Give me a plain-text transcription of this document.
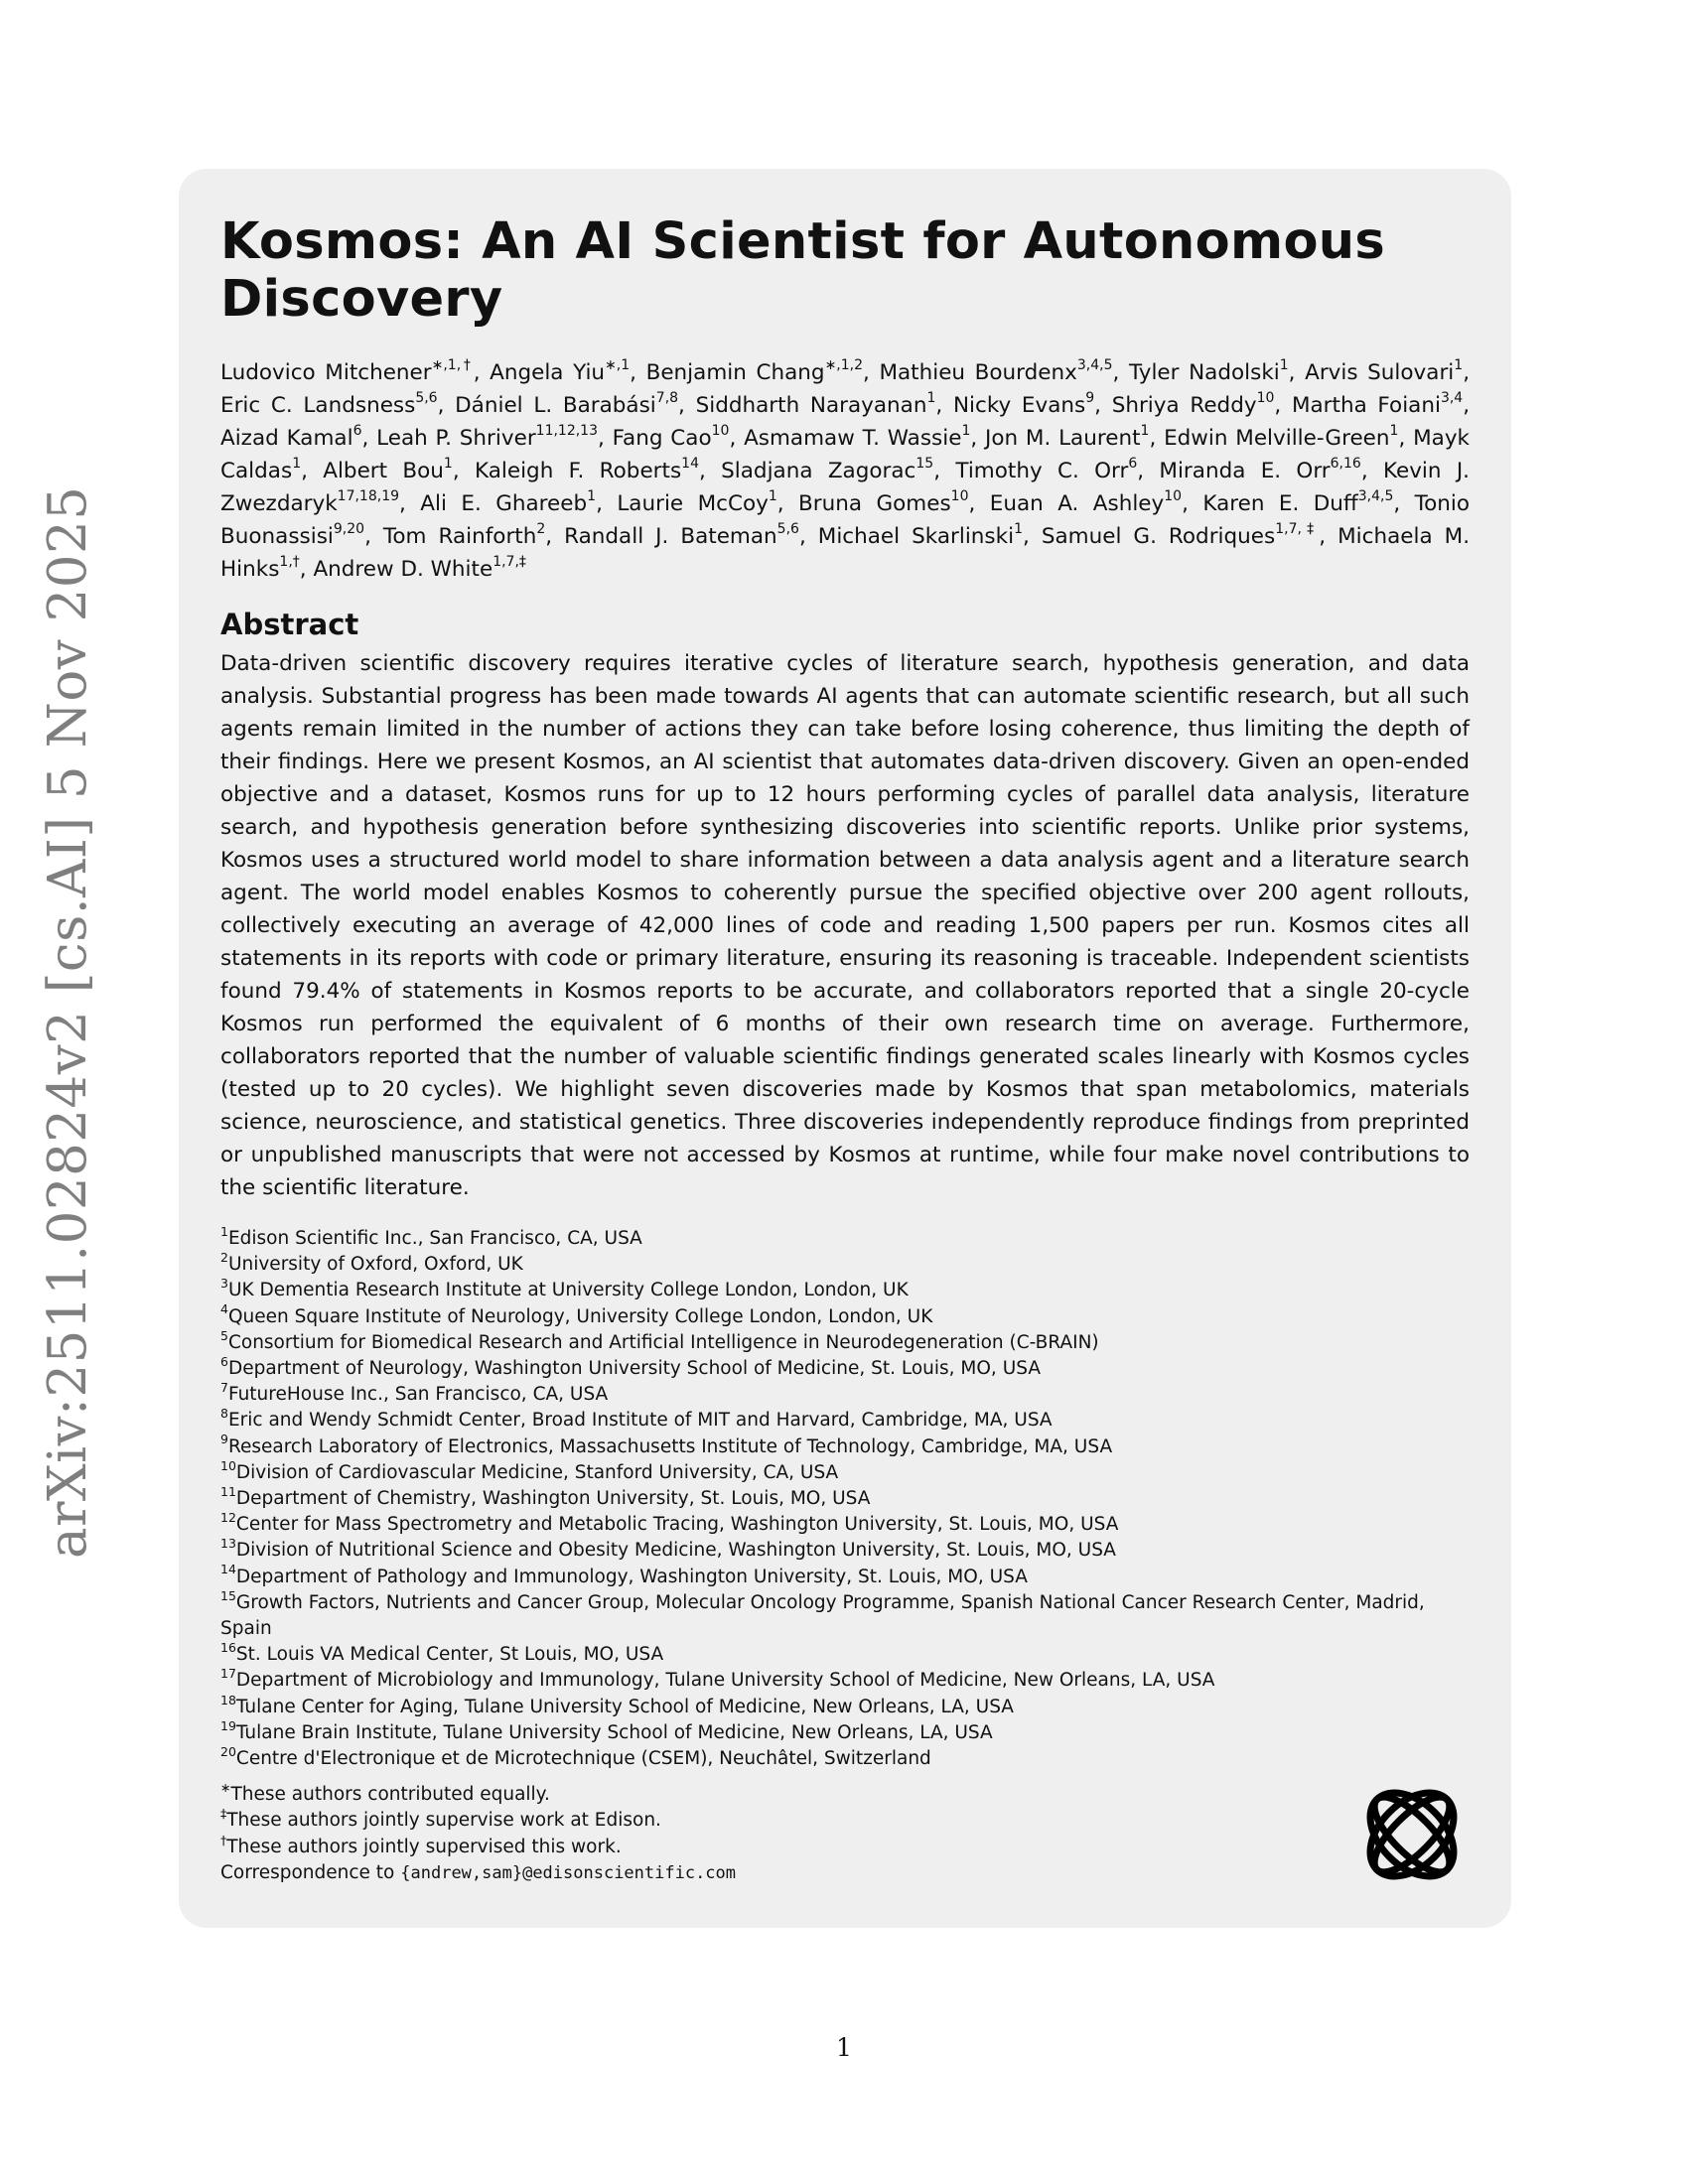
arXiv:2511.02824v2 [cs.AI] 5 Nov 2025
Kosmos: An AI Scientist for Autonomous Discovery

Ludovico Mitchener$^{∗,1,\dagger}$, Angela Yiu$^{∗,1}$, Benjamin Chang$^{∗,1,2}$, Mathieu Bourdenx$^{3,4,5}$, Tyler Nadolski$^1$, Arvis Sulovari$^1$, Eric C. Landsness$^{5,6}$, Dániel L. Barabási$^{7,8}$, Siddharth Narayanan$^1$, Nicky Evans$^9$, Shriya Reddy$^{10}$, Martha Foiani$^{3,4}$, Aizad Kamal$^6$, Leah P. Shriver$^{11,12,13}$, Fang Cao$^{10}$, Asmamaw T. Wassie$^1$, Jon M. Laurent$^1$, Edwin Melville-Green$^1$, Mayk Caldas$^1$, Albert Bou$^1$, Kaleigh F. Roberts$^{14}$, Sladjana Zagorac$^{15}$, Timothy C. Orr$^6$, Miranda E. Orr$^{6,16}$, Kevin J. Zwezdaryk$^{17,18,19}$, Ali E. Ghareeb$^1$, Laurie McCoy$^1$, Bruna Gomes$^{10}$, Euan A. Ashley$^{10}$, Karen E. Duff$^{3,4,5}$, Tonio Buonassisi$^{9,20}$, Tom Rainforth$^2$, Randall J. Bateman$^{5,6}$, Michael Skarlinski$^1$, Samuel G. Rodriques$^{1,7,\ddagger}$, Michaela M. Hinks$^{1,\dagger}$, Andrew D. White$^{1,7,\ddagger}$

Abstract

Data-driven scientific discovery requires iterative cycles of literature search, hypothesis generation, and data analysis. Substantial progress has been made towards AI agents that can automate scientific research, but all such agents remain limited in the number of actions they can take before losing coherence, thus limiting the depth of their findings. Here we present Kosmos, an AI scientist that automates data-driven discovery. Given an open-ended objective and a dataset, Kosmos runs for up to 12 hours performing cycles of parallel data analysis, literature search, and hypothesis generation before synthesizing discoveries into scientific reports. Unlike prior systems, Kosmos uses a structured world model to share information between a data analysis agent and a literature search agent. The world model enables Kosmos to coherently pursue the specified objective over 200 agent rollouts, collectively executing an average of 42,000 lines of code and reading 1,500 papers per run. Kosmos cites all statements in its reports with code or primary literature, ensuring its reasoning is traceable. Independent scientists found 79.4% of statements in Kosmos reports to be accurate, and collaborators reported that a single 20-cycle Kosmos run performed the equivalent of 6 months of their own research time on average. Furthermore, collaborators reported that the number of valuable scientific findings generated scales linearly with Kosmos cycles (tested up to 20 cycles). We highlight seven discoveries made by Kosmos that span metabolomics, materials science, neuroscience, and statistical genetics. Three discoveries independently reproduce findings from preprinted or unpublished manuscripts that were not accessed by Kosmos at runtime, while four make novel contributions to the scientific literature.

$^1$Edison Scientific Inc., San Francisco, CA, USA
$^2$University of Oxford, Oxford, UK
$^3$UK Dementia Research Institute at University College London, London, UK
$^4$Queen Square Institute of Neurology, University College London, London, UK
$^5$Consortium for Biomedical Research and Artificial Intelligence in Neurodegeneration (C-BRAIN)
$^6$Department of Neurology, Washington University School of Medicine, St. Louis, MO, USA
$^7$FutureHouse Inc., San Francisco, CA, USA
$^8$Eric and Wendy Schmidt Center, Broad Institute of MIT and Harvard, Cambridge, MA, USA
$^9$Research Laboratory of Electronics, Massachusetts Institute of Technology, Cambridge, MA, USA
$^{10}$Division of Cardiovascular Medicine, Stanford University, CA, USA
$^{11}$Department of Chemistry, Washington University, St. Louis, MO, USA
$^{12}$Center for Mass Spectrometry and Metabolic Tracing, Washington University, St. Louis, MO, USA
$^{13}$Division of Nutritional Science and Obesity Medicine, Washington University, St. Louis, MO, USA
$^{14}$Department of Pathology and Immunology, Washington University, St. Louis, MO, USA
$^{15}$Growth Factors, Nutrients and Cancer Group, Molecular Oncology Programme, Spanish National Cancer Research Center, Madrid, Spain
$^{16}$St. Louis VA Medical Center, St Louis, MO, USA
$^{17}$Department of Microbiology and Immunology, Tulane University School of Medicine, New Orleans, LA, USA
$^{18}$Tulane Center for Aging, Tulane University School of Medicine, New Orleans, LA, USA
$^{19}$Tulane Brain Institute, Tulane University School of Medicine, New Orleans, LA, USA
$^{20}$Centre d'Electronique et de Microtechnique (CSEM), Neuchâtel, Switzerland
∗These authors contributed equally.
‡These authors jointly supervise work at Edison.
†These authors jointly supervised this work.
Correspondence to {andrew,sam}@edisonscientific.com
1
